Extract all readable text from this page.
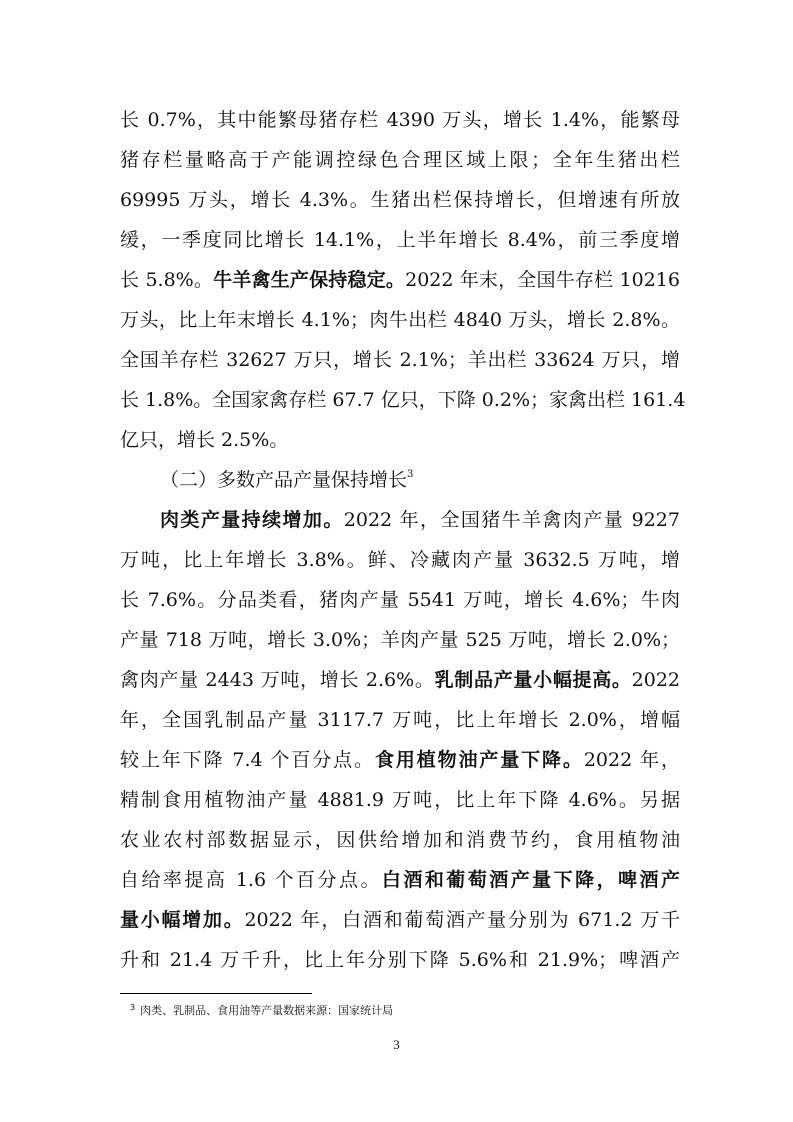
长 0.7%，其中能繁母猪存栏 4390 万头，增长 1.4%，能繁母
猪存栏量略高于产能调控绿色合理区域上限；全年生猪出栏
69995 万头，增长 4.3%。生猪出栏保持增长，但增速有所放
缓，一季度同比增长 14.1%，上半年增长 8.4%，前三季度增
长 5.8%。牛羊禽生产保持稳定。2022 年末，全国牛存栏 10216
万头，比上年末增长 4.1%；肉牛出栏 4840 万头，增长 2.8%。
全国羊存栏 32627 万只，增长 2.1%；羊出栏 33624 万只，增
长 1.8%。全国家禽存栏 67.7 亿只，下降 0.2%；家禽出栏 161.4
亿只，增长 2.5%。
（二）多数产品产量保持增长$^3$
肉类产量持续增加。2022 年，全国猪牛羊禽肉产量 9227
万吨，比上年增长 3.8%。鲜、冷藏肉产量 3632.5 万吨，增
长 7.6%。分品类看，猪肉产量 5541 万吨，增长 4.6%；牛肉
产量 718 万吨，增长 3.0%；羊肉产量 525 万吨，增长 2.0%；
禽肉产量 2443 万吨，增长 2.6%。乳制品产量小幅提高。2022
年，全国乳制品产量 3117.7 万吨，比上年增长 2.0%，增幅
较上年下降 7.4 个百分点。食用植物油产量下降。2022 年，
精制食用植物油产量 4881.9 万吨，比上年下降 4.6%。另据
农业农村部数据显示，因供给增加和消费节约，食用植物油
自给率提高 1.6 个百分点。白酒和葡萄酒产量下降，啤酒产
量小幅增加。2022 年，白酒和葡萄酒产量分别为 671.2 万千
升和 21.4 万千升，比上年分别下降 5.6%和 21.9%；啤酒产
$^3$ 肉类、乳制品、食用油等产量数据来源：国家统计局
3
